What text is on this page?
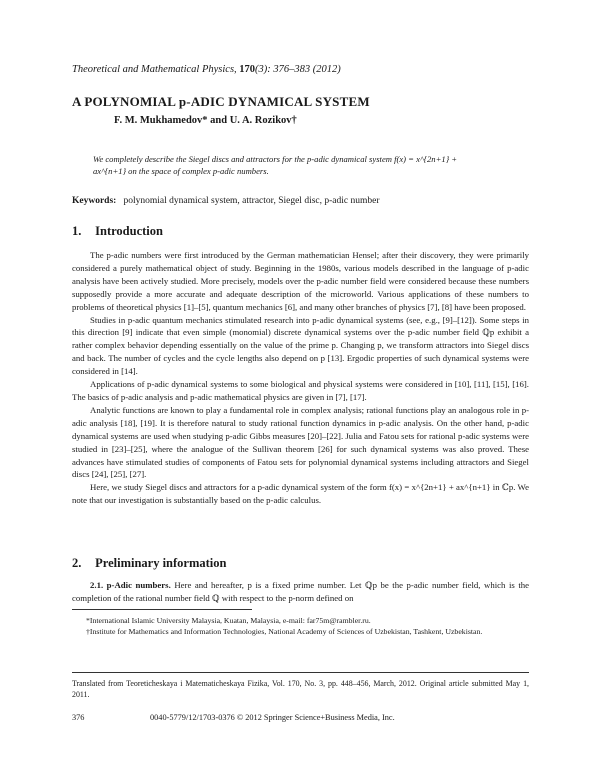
Theoretical and Mathematical Physics, 170(3): 376–383 (2012)
A POLYNOMIAL p-ADIC DYNAMICAL SYSTEM
F. M. Mukhamedov* and U. A. Rozikov†
We completely describe the Siegel discs and attractors for the p-adic dynamical system f(x) = x^{2n+1} +
ax^{n+1} on the space of complex p-adic numbers.
Keywords: polynomial dynamical system, attractor, Siegel disc, p-adic number
1. Introduction

The p-adic numbers were first introduced by the German mathematician Hensel; after their discovery, they were primarily considered a purely mathematical object of study. Beginning in the 1980s, various models described in the language of p-adic analysis have been actively studied. More precisely, models over the p-adic number field were considered because these numbers supposedly provide a more accurate and adequate description of the microworld. Various applications of these numbers to problems of theoretical physics [1]–[5], quantum mechanics [6], and many other branches of physics [7], [8] have been proposed.

Studies in p-adic quantum mechanics stimulated research into p-adic dynamical systems (see, e.g., [9]–[12]). Some steps in this direction [9] indicate that even simple (monomial) discrete dynamical systems over the p-adic number field ℚp exhibit a rather complex behavior depending essentially on the value of the prime p. Changing p, we transform attractors into Siegel discs and back. The number of cycles and the cycle lengths also depend on p [13]. Ergodic properties of such dynamical systems were considered in [14].

Applications of p-adic dynamical systems to some biological and physical systems were considered in [10], [11], [15], [16]. The basics of p-adic analysis and p-adic mathematical physics are given in [7], [17].

Analytic functions are known to play a fundamental role in complex analysis; rational functions play an analogous role in p-adic analysis [18], [19]. It is therefore natural to study rational function dynamics in p-adic analysis. On the other hand, p-adic dynamical systems are used when studying p-adic Gibbs measures [20]–[22]. Julia and Fatou sets for rational p-adic systems were studied in [23]–[25], where the analogue of the Sullivan theorem [26] for such dynamical systems was also proved. These advances have stimulated studies of components of Fatou sets for polynomial dynamical systems including attractors and Siegel discs [24], [25], [27].

Here, we study Siegel discs and attractors for a p-adic dynamical system of the form f(x) = x^{2n+1} + ax^{n+1} in ℂp. We note that our investigation is substantially based on the p-adic calculus.

2. Preliminary information

2.1. p-Adic numbers. Here and hereafter, p is a fixed prime number. Let ℚp be the p-adic number field, which is the completion of the rational number field ℚ with respect to the p-norm defined on

*International Islamic University Malaysia, Kuatan, Malaysia, e-mail: far75m@rambler.ru.

†Institute for Mathematics and Information Technologies, National Academy of Sciences of Uzbekistan, Tashkent, Uzbekistan.

Translated from Teoreticheskaya i Matematicheskaya Fizika, Vol. 170, No. 3, pp. 448–456, March, 2012. Original article submitted May 1, 2011.
376	0040-5779/12/1703-0376 © 2012 Springer Science+Business Media, Inc.
